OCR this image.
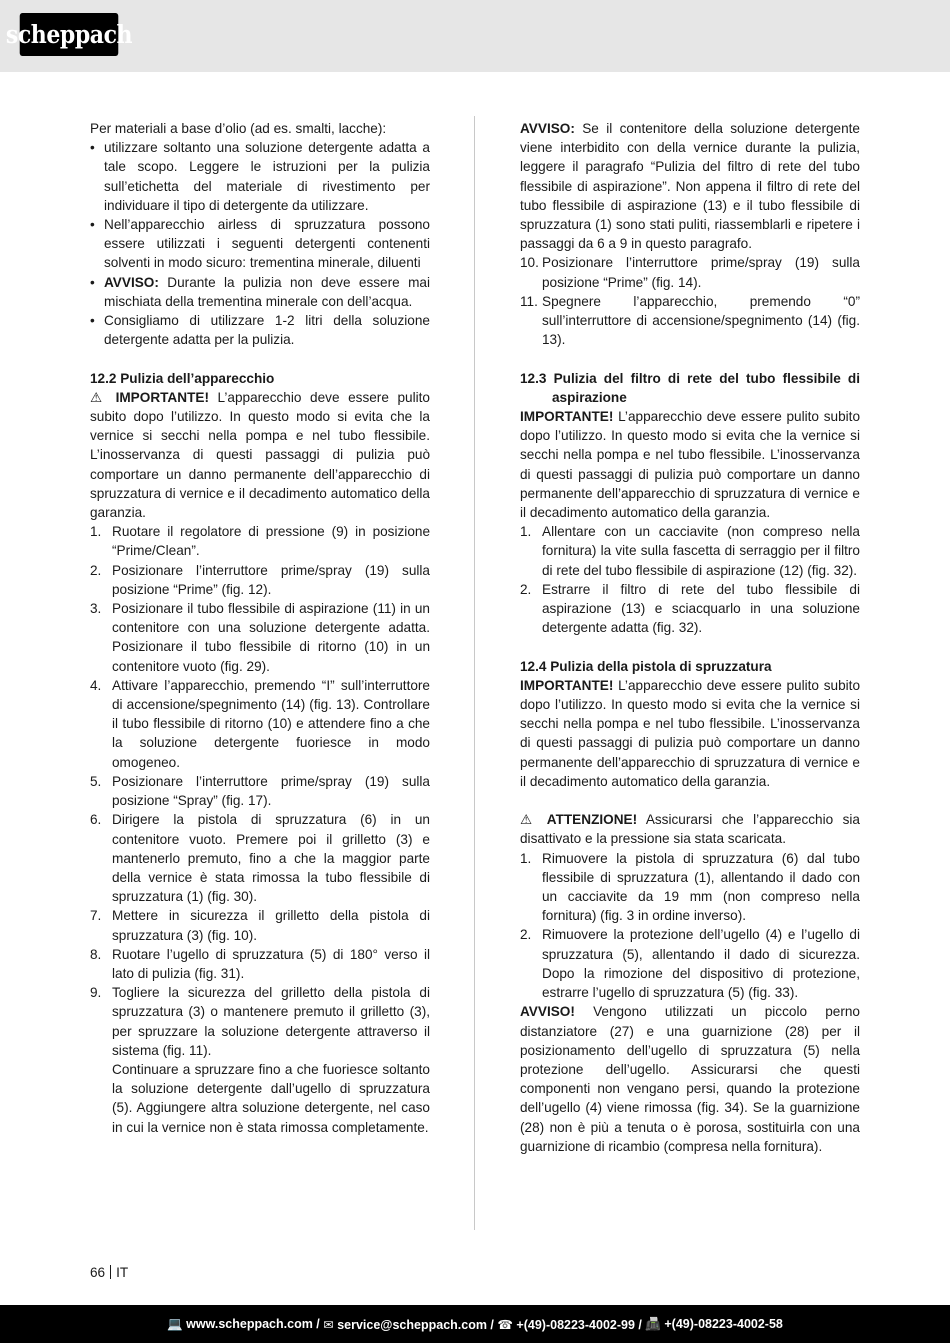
scheppach

Per materiali a base d’olio (ad es. smalti, lacche):

• utilizzare soltanto una soluzione detergente adatta a tale scopo. Leggere le istruzioni per la pulizia sull’etichetta del materiale di rivestimento per individuare il tipo di detergente da utilizzare.

• Nell’apparecchio airless di spruzzatura possono essere utilizzati i seguenti detergenti contenenti solventi in modo sicuro: trementina minerale, diluenti

• AVVISO: Durante la pulizia non deve essere mai mischiata della trementina minerale con dell’acqua.

• Consigliamo di utilizzare 1-2 litri della soluzione detergente adatta per la pulizia.

12.2 Pulizia dell’apparecchio

⚠ IMPORTANTE! L’apparecchio deve essere pulito subito dopo l’utilizzo. In questo modo si evita che la vernice si secchi nella pompa e nel tubo flessibile. L’inosservanza di questi passaggi di pulizia può comportare un danno permanente dell’apparecchio di spruzzatura di vernice e il decadimento automatico della garanzia.

1. Ruotare il regolatore di pressione (9) in posizione “Prime/Clean”.

2. Posizionare l’interruttore prime/spray (19) sulla posizione “Prime” (fig. 12).

3. Posizionare il tubo flessibile di aspirazione (11) in un contenitore con una soluzione detergente adatta. Posizionare il tubo flessibile di ritorno (10) in un contenitore vuoto (fig. 29).

4. Attivare l’apparecchio, premendo “I” sull’interruttore di accensione/spegnimento (14) (fig. 13). Controllare il tubo flessibile di ritorno (10) e attendere fino a che la soluzione detergente fuoriesce in modo omogeneo.

5. Posizionare l’interruttore prime/spray (19) sulla posizione “Spray” (fig. 17).

6. Dirigere la pistola di spruzzatura (6) in un contenitore vuoto. Premere poi il grilletto (3) e mantenerlo premuto, fino a che la maggior parte della vernice è stata rimossa la tubo flessibile di spruzzatura (1) (fig. 30).

7. Mettere in sicurezza il grilletto della pistola di spruzzatura (3) (fig. 10).

8. Ruotare l’ugello di spruzzatura (5) di 180° verso il lato di pulizia (fig. 31).

9. Togliere la sicurezza del grilletto della pistola di spruzzatura (3) o mantenere premuto il grilletto (3), per spruzzare la soluzione detergente attraverso il sistema (fig. 11).
Continuare a spruzzare fino a che fuoriesce soltanto la soluzione detergente dall’ugello di spruzzatura (5). Aggiungere altra soluzione detergente, nel caso in cui la vernice non è stata rimossa completamente.

AVVISO: Se il contenitore della soluzione detergente viene interbidito con della vernice durante la pulizia, leggere il paragrafo “Pulizia del filtro di rete del tubo flessibile di aspirazione”. Non appena il filtro di rete del tubo flessibile di aspirazione (13) e il tubo flessibile di spruzzatura (1) sono stati puliti, riassemblarli e ripetere i passaggi da 6 a 9 in questo paragrafo.

10. Posizionare l’interruttore prime/spray (19) sulla posizione “Prime” (fig. 14).

11. Spegnere l’apparecchio, premendo “0” sull’interruttore di accensione/spegnimento (14) (fig. 13).

12.3 Pulizia del filtro di rete del tubo flessibile di aspirazione

IMPORTANTE! L’apparecchio deve essere pulito subito dopo l’utilizzo. In questo modo si evita che la vernice si secchi nella pompa e nel tubo flessibile. L’inosservanza di questi passaggi di pulizia può comportare un danno permanente dell’apparecchio di spruzzatura di vernice e il decadimento automatico della garanzia.

1. Allentare con un cacciavite (non compreso nella fornitura) la vite sulla fascetta di serraggio per il filtro di rete del tubo flessibile di aspirazione (12) (fig. 32).

2. Estrarre il filtro di rete del tubo flessibile di aspirazione (13) e sciacquarlo in una soluzione detergente adatta (fig. 32).

12.4 Pulizia della pistola di spruzzatura

IMPORTANTE! L’apparecchio deve essere pulito subito dopo l’utilizzo. In questo modo si evita che la vernice si secchi nella pompa e nel tubo flessibile. L’inosservanza di questi passaggi di pulizia può comportare un danno permanente dell’apparecchio di spruzzatura di vernice e il decadimento automatico della garanzia.

⚠ ATTENZIONE! Assicurarsi che l’apparecchio sia disattivato e la pressione sia stata scaricata.

1. Rimuovere la pistola di spruzzatura (6) dal tubo flessibile di spruzzatura (1), allentando il dado con un cacciavite da 19 mm (non compreso nella fornitura) (fig. 3 in ordine inverso).

2. Rimuovere la protezione dell’ugello (4) e l’ugello di spruzzatura (5), allentando il dado di sicurezza. Dopo la rimozione del dispositivo di protezione, estrarre l’ugello di spruzzatura (5) (fig. 33).

AVVISO! Vengono utilizzati un piccolo perno distanziatore (27) e una guarnizione (28) per il posizionamento dell’ugello di spruzzatura (5) nella protezione dell’ugello. Assicurarsi che questi componenti non vengano persi, quando la protezione dell’ugello (4) viene rimossa (fig. 34). Se la guarnizione (28) non è più a tenuta o è porosa, sostituirla con una guarnizione di ricambio (compresa nella fornitura).

66 IT
💻 www.scheppach.com / ✉ service@scheppach.com / ☎ +(49)-08223-4002-99 / 📠 +(49)-08223-4002-58
